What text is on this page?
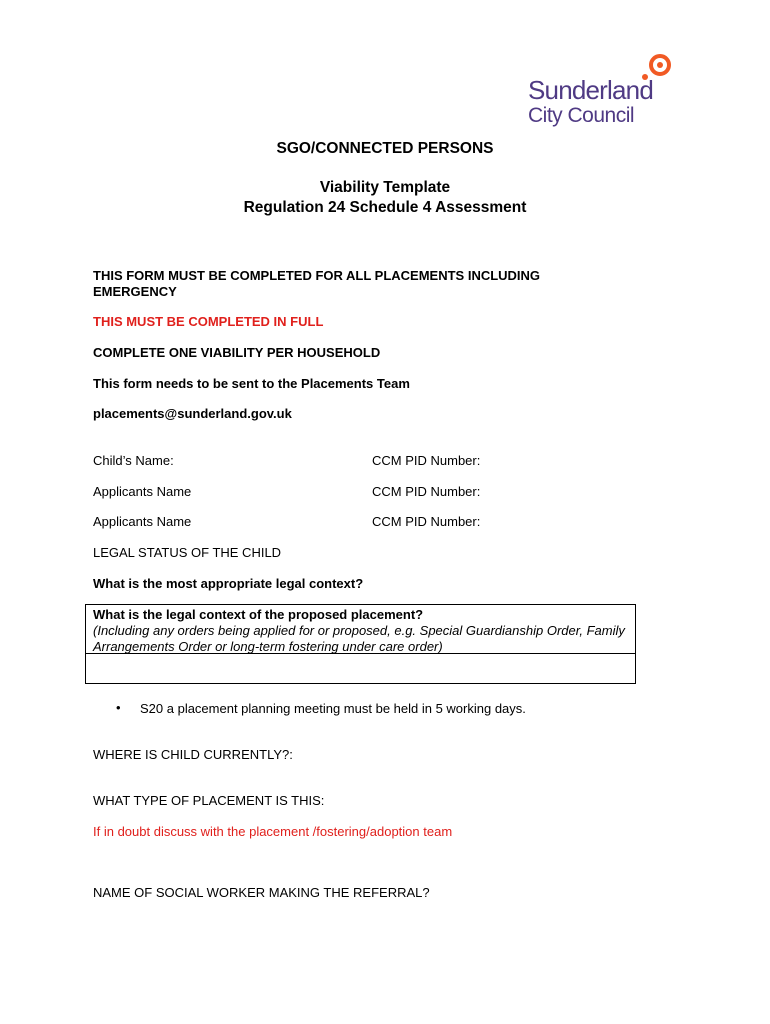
Sunderland
City Council
SGO/CONNECTED PERSONS
Viability Template
Regulation 24 Schedule 4 Assessment
THIS FORM MUST BE COMPLETED FOR ALL PLACEMENTS INCLUDING EMERGENCY
THIS MUST BE COMPLETED IN FULL
COMPLETE ONE VIABILITY PER HOUSEHOLD
This form needs to be sent to the Placements Team
placements@sunderland.gov.uk
Child’s Name:	CCM PID Number:
Applicants Name	CCM PID Number:
Applicants Name	CCM PID Number:
LEGAL STATUS OF THE CHILD
What is the most appropriate legal context?
What is the legal context of the proposed placement?
(Including any orders being applied for or proposed, e.g. Special Guardianship Order, Family Arrangements Order or long-term fostering under care order)
• S20 a placement planning meeting must be held in 5 working days.
WHERE IS CHILD CURRENTLY?:
WHAT TYPE OF PLACEMENT IS THIS:
If in doubt discuss with the placement /fostering/adoption team
NAME OF SOCIAL WORKER MAKING THE REFERRAL?
